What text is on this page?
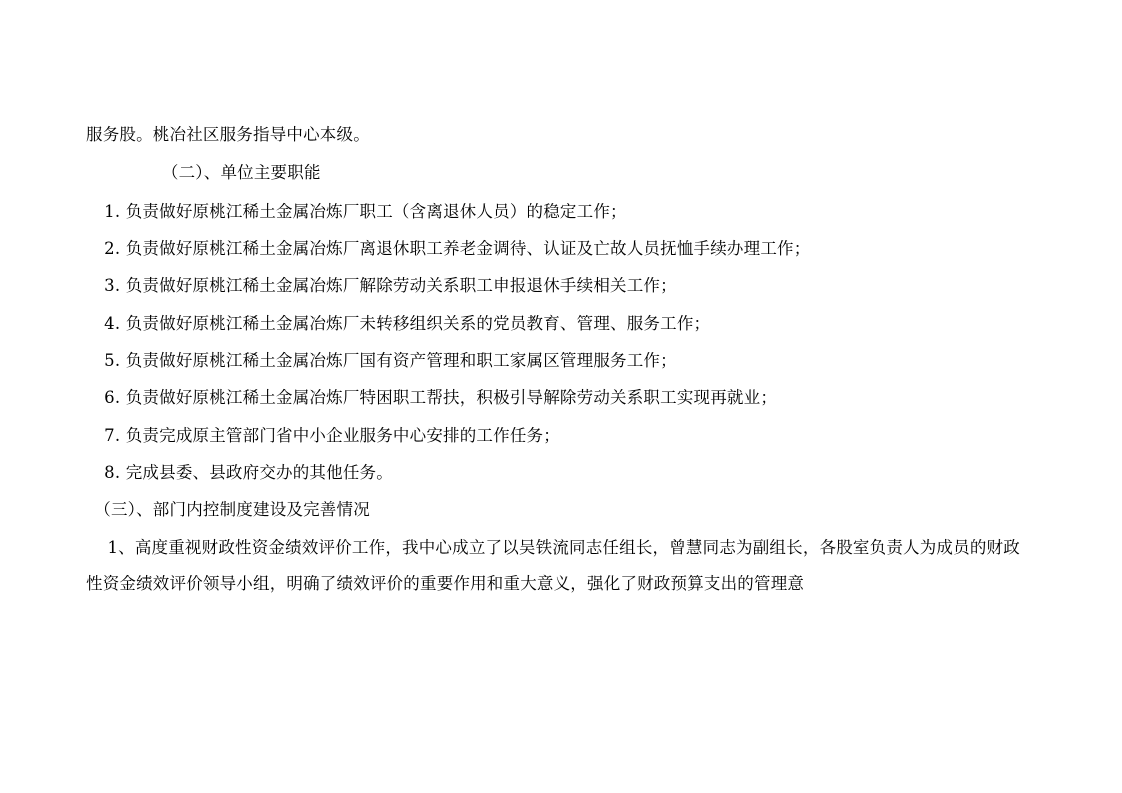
服务股。桃冶社区服务指导中心本级。

（二）、单位主要职能

1. 负责做好原桃江稀土金属冶炼厂职工（含离退休人员）的稳定工作；

2. 负责做好原桃江稀土金属冶炼厂离退休职工养老金调待、认证及亡故人员抚恤手续办理工作；

3. 负责做好原桃江稀土金属冶炼厂解除劳动关系职工申报退休手续相关工作；

4. 负责做好原桃江稀土金属冶炼厂未转移组织关系的党员教育、管理、服务工作；

5. 负责做好原桃江稀土金属冶炼厂国有资产管理和职工家属区管理服务工作；

6. 负责做好原桃江稀土金属冶炼厂特困职工帮扶，积极引导解除劳动关系职工实现再就业；

7. 负责完成原主管部门省中小企业服务中心安排的工作任务；

8. 完成县委、县政府交办的其他任务。

（三）、部门内控制度建设及完善情况

1、高度重视财政性资金绩效评价工作，我中心成立了以吴铁流同志任组长，曾慧同志为副组长，各股室负责人为成员的财政性资金绩效评价领导小组，明确了绩效评价的重要作用和重大意义，强化了财政预算支出的管理意
